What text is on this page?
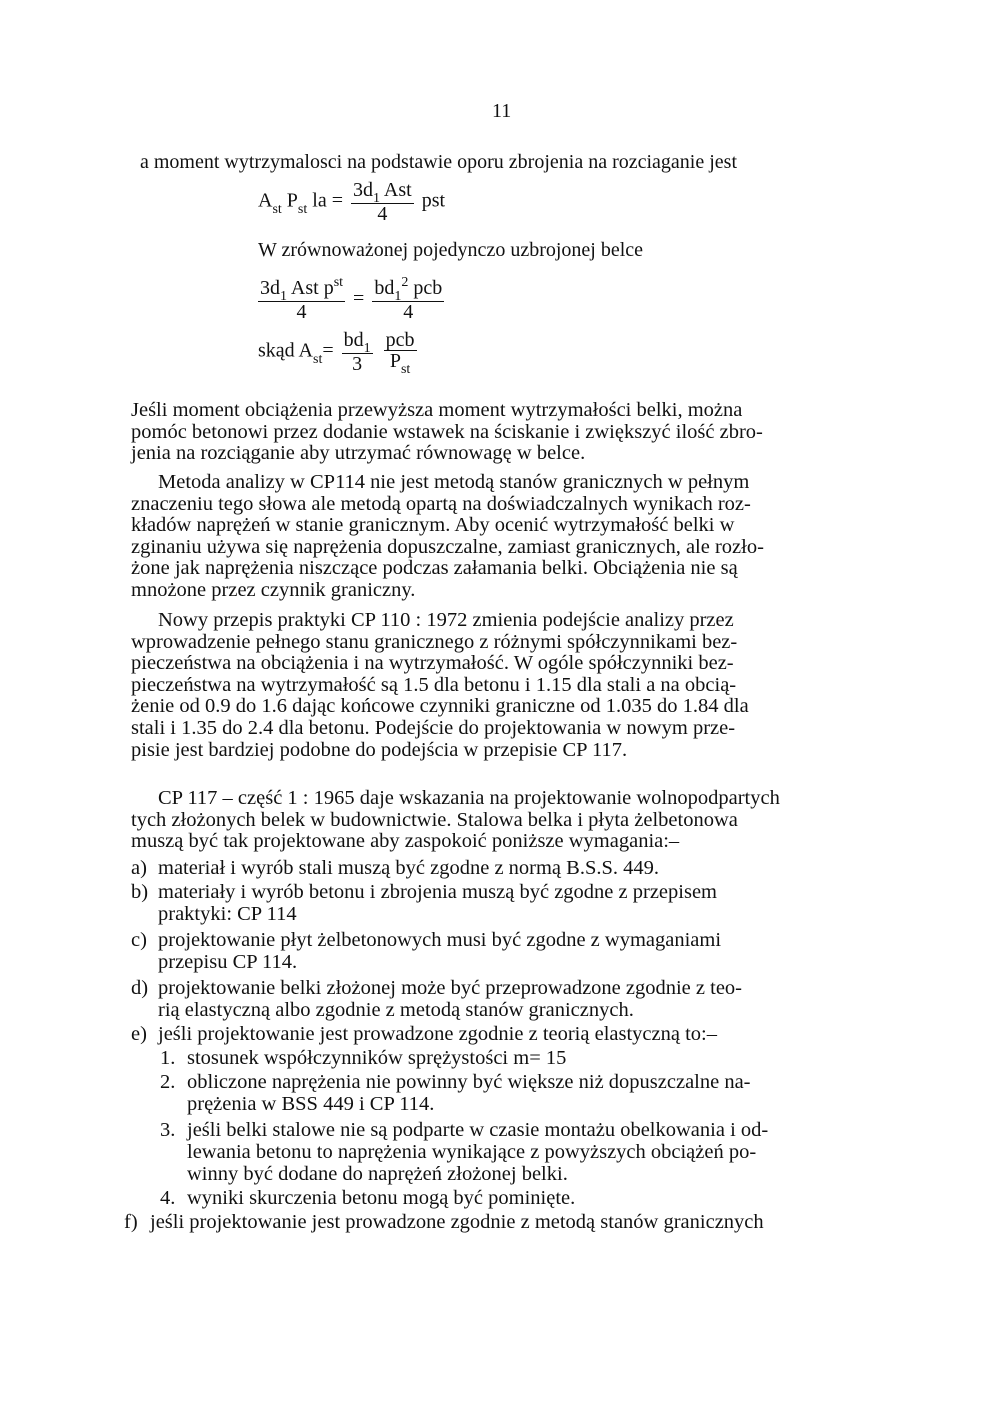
11
a moment wytrzymalosci na podstawie oporu zbrojenia na rozciaganie jest
$A_{st}$ $P_{st}$ la = $\frac{3d_1 Ast}{4}$ pst
W zrównoważonej pojedynczo uzbrojonej belce
$\frac{3d_1 Ast p^{st}}{4} = \frac{bd_1^2 pcb}{4}$
skąd $A_{st}= \frac{bd_1}{3}$
$\frac{\text{pcb}}{P_{st}}$
Jeśli moment obciążenia przewyższa moment wytrzymałości belki, można
pomóc betonowi przez dodanie wstawek na ściskanie i zwiększyć ilość zbro-
jenia na rozciąganie aby utrzymać równowagę w belce.
Metoda analizy w CP114 nie jest metodą stanów granicznych w pełnym
znaczeniu tego słowa ale metodą opartą na doświadczalnych wynikach roz-
kładów naprężeń w stanie granicznym. Aby ocenić wytrzymałość belki w
zginaniu używa się naprężenia dopuszczalne, zamiast granicznych, ale rozło-
żone jak naprężenia niszczące podczas załamania belki. Obciążenia nie są
mnożone przez czynnik graniczny.
Nowy przepis praktyki CP 110 : 1972 zmienia podejście analizy przez
wprowadzenie pełnego stanu granicznego z różnymi spółczynnikami bez-
pieczeństwa na obciążenia i na wytrzymałość. W ogóle spółczynniki bez-
pieczeństwa na wytrzymałość są 1.5 dla betonu i 1.15 dla stali a na obcią-
żenie od 0.9 do 1.6 dając końcowe czynniki graniczne od 1.035 do 1.84 dla
stali i 1.35 do 2.4 dla betonu. Podejście do projektowania w nowym prze-
pisie jest bardziej podobne do podejścia w przepisie CP 117.
CP 117 – część 1 : 1965 daje wskazania na projektowanie wolnopodpartych
tych złożonych belek w budownictwie. Stalowa belka i płyta żelbetonowa
muszą być tak projektowane aby zaspokoić poniższe wymagania:–
a) materiał i wyrób stali muszą być zgodne z normą B.S.S. 449.
b) materiały i wyrób betonu i zbrojenia muszą być zgodne z przepisem
praktyki: CP 114
c) projektowanie płyt żelbetonowych musi być zgodne z wymaganiami
przepisu CP 114.
d) projektowanie belki złożonej może być przeprowadzone zgodnie z teo-
rią elastyczną albo zgodnie z metodą stanów granicznych.
e) jeśli projektowanie jest prowadzone zgodnie z teorią elastyczną to:–
1. stosunek współczynników sprężystości m= 15
2. obliczone naprężenia nie powinny być większe niż dopuszczalne na-
prężenia w BSS 449 i CP 114.
3. jeśli belki stalowe nie są podparte w czasie montażu obelkowania i od-
lewania betonu to naprężenia wynikające z powyższych obciążeń po-
winny być dodane do naprężeń złożonej belki.
4. wyniki skurczenia betonu mogą być pominięte.
f) jeśli projektowanie jest prowadzone zgodnie z metodą stanów granicznych
